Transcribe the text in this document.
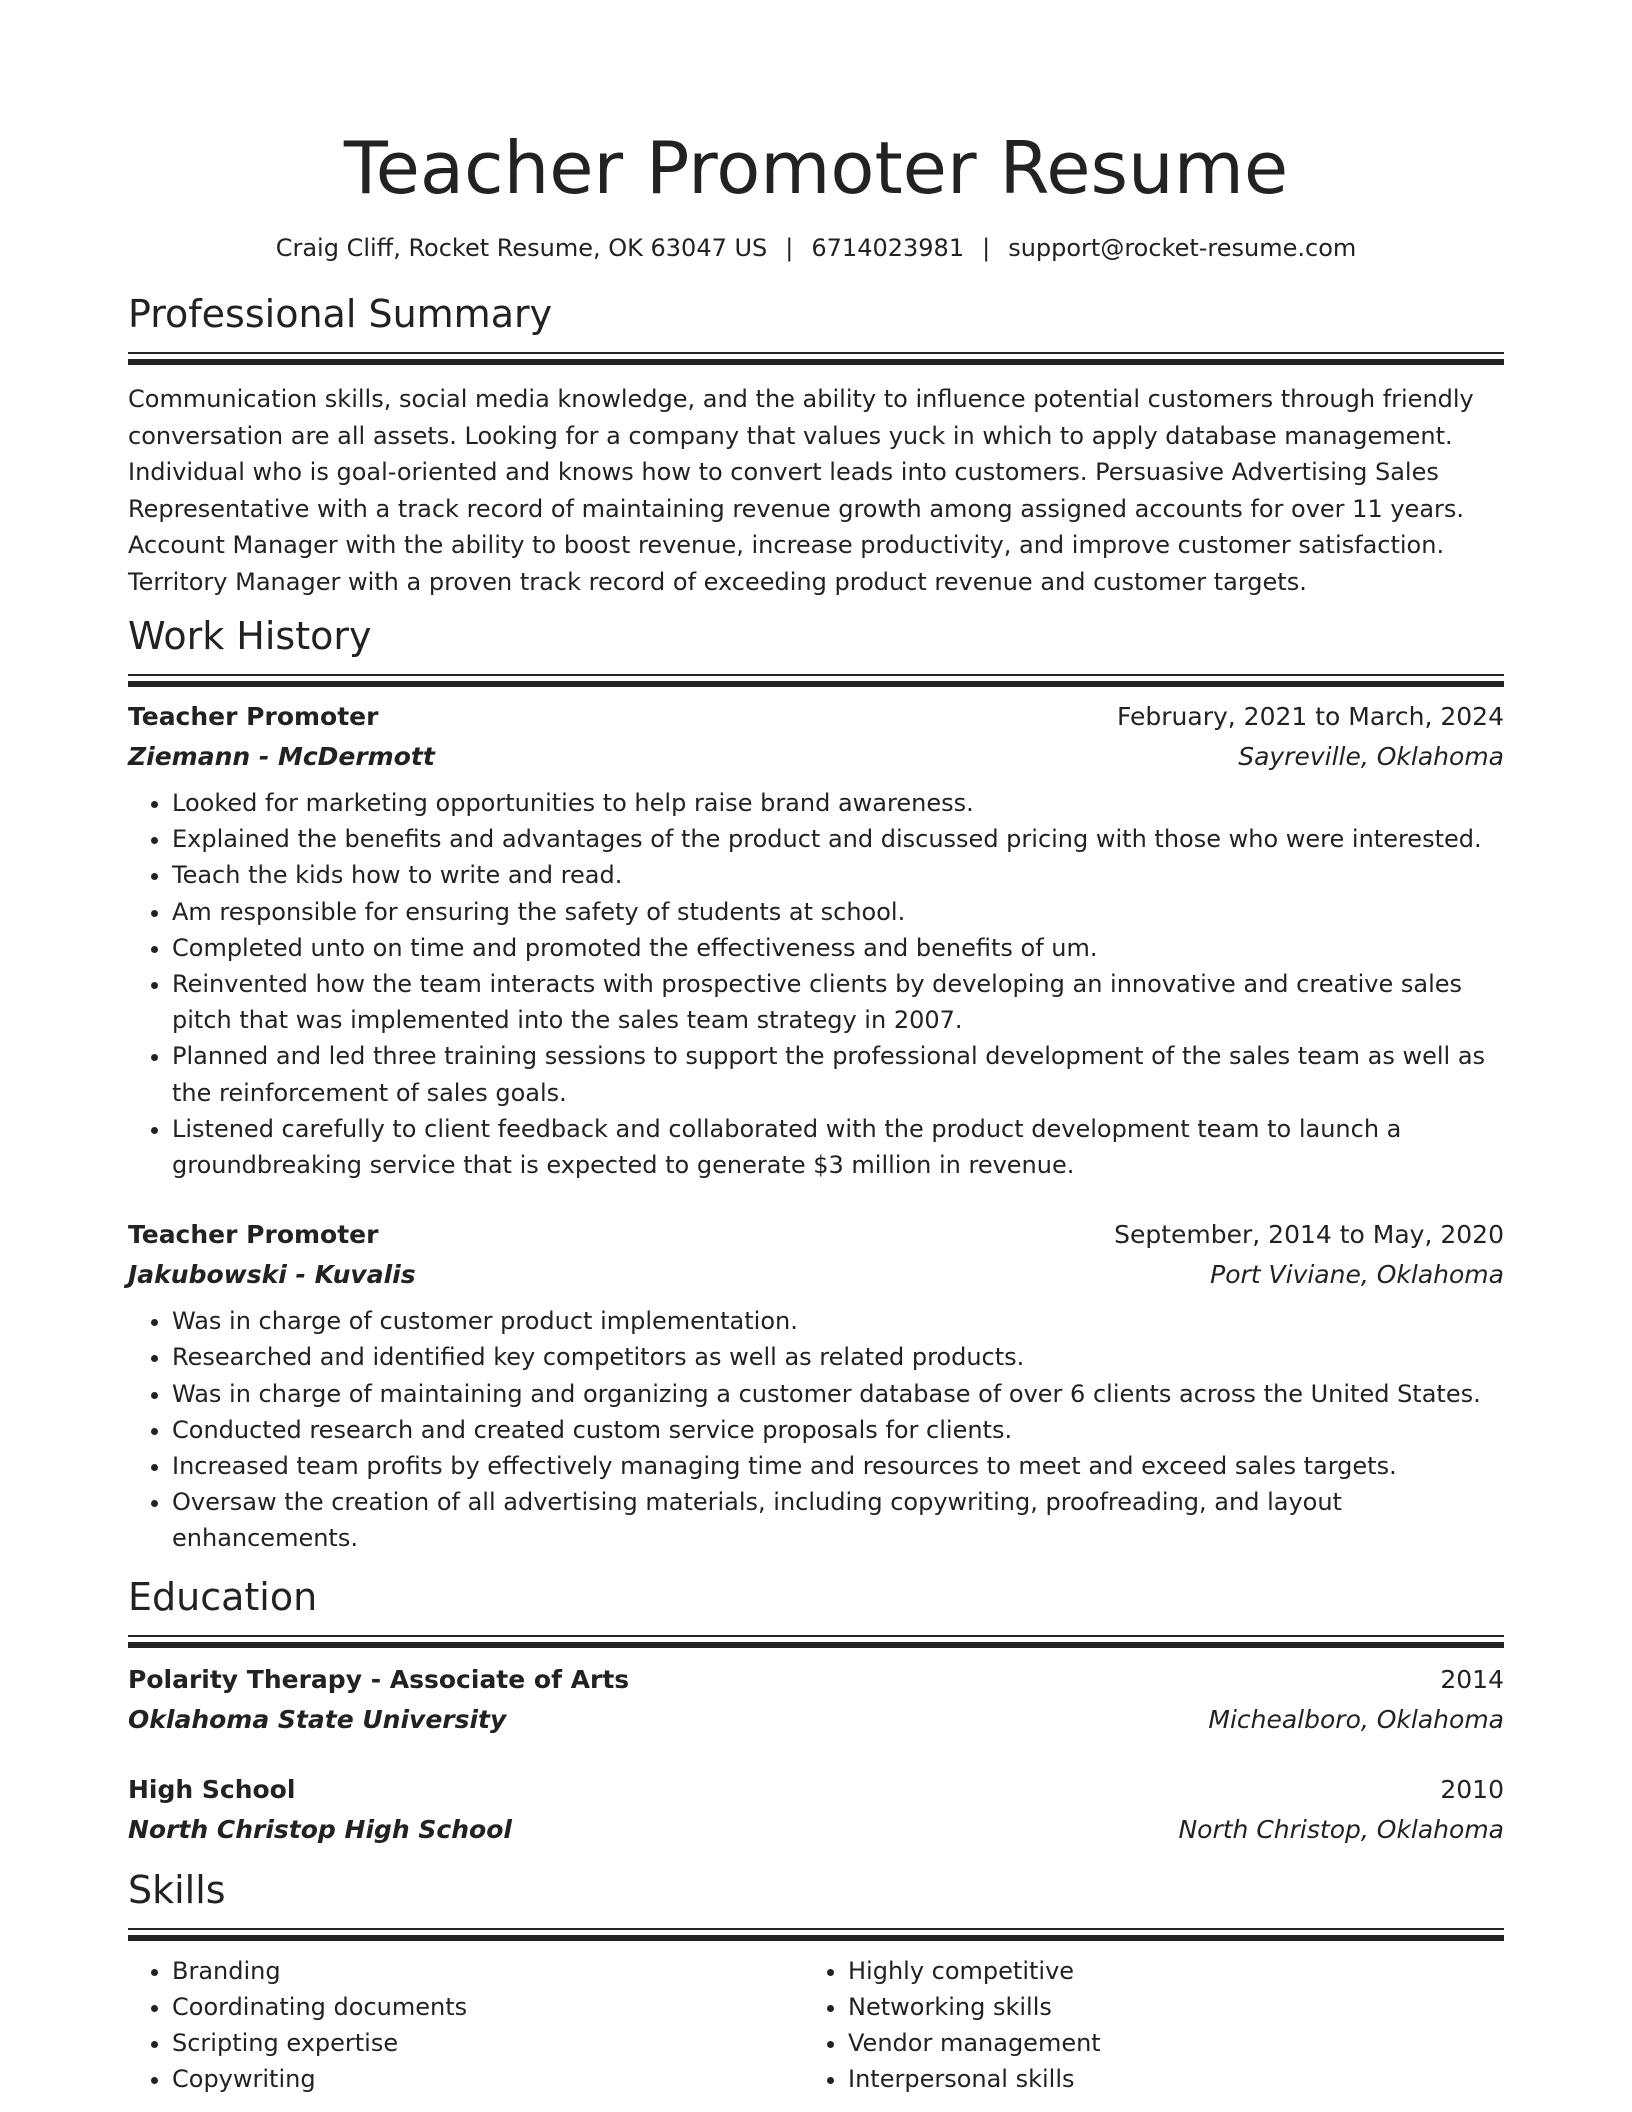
Teacher Promoter Resume
Craig Cliff, Rocket Resume, OK 63047 US | 6714023981 | support@rocket-resume.com
Professional Summary

Communication skills, social media knowledge, and the ability to influence potential customers through friendly conversation are all assets. Looking for a company that values yuck in which to apply database management. Individual who is goal-oriented and knows how to convert leads into customers. Persuasive Advertising Sales Representative with a track record of maintaining revenue growth among assigned accounts for over 11 years. Account Manager with the ability to boost revenue, increase productivity, and improve customer satisfaction. Territory Manager with a proven track record of exceeding product revenue and customer targets.

Work History
Teacher Promoter	February, 2021 to March, 2024
Ziemann - McDermott	Sayreville, Oklahoma
• Looked for marketing opportunities to help raise brand awareness.
• Explained the benefits and advantages of the product and discussed pricing with those who were interested.
• Teach the kids how to write and read.
• Am responsible for ensuring the safety of students at school.
• Completed unto on time and promoted the effectiveness and benefits of um.
• Reinvented how the team interacts with prospective clients by developing an innovative and creative sales pitch that was implemented into the sales team strategy in 2007.
• Planned and led three training sessions to support the professional development of the sales team as well as the reinforcement of sales goals.
• Listened carefully to client feedback and collaborated with the product development team to launch a groundbreaking service that is expected to generate $3 million in revenue.
Teacher Promoter	September, 2014 to May, 2020
Jakubowski - Kuvalis	Port Viviane, Oklahoma
• Was in charge of customer product implementation.
• Researched and identified key competitors as well as related products.
• Was in charge of maintaining and organizing a customer database of over 6 clients across the United States.
• Conducted research and created custom service proposals for clients.
• Increased team profits by effectively managing time and resources to meet and exceed sales targets.
• Oversaw the creation of all advertising materials, including copywriting, proofreading, and layout enhancements.
Education
Polarity Therapy - Associate of Arts	2014
Oklahoma State University	Michealboro, Oklahoma
High School	2010
North Christop High School	North Christop, Oklahoma
Skills
• Branding
• Coordinating documents
• Scripting expertise
• Copywriting
• Highly competitive
• Networking skills
• Vendor management
• Interpersonal skills
